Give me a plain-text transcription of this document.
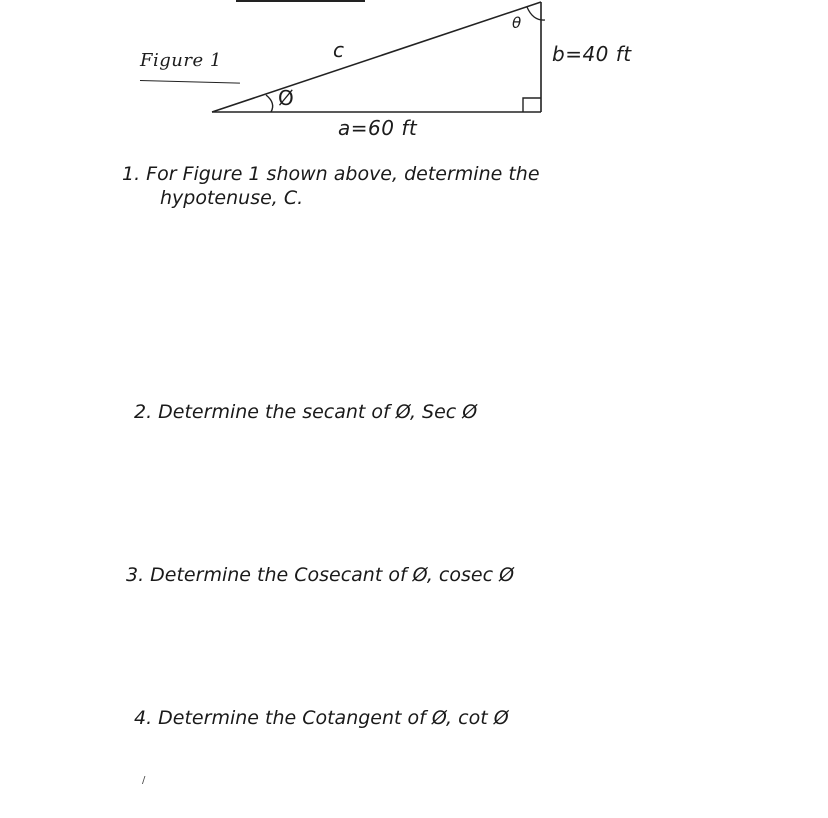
Figure 1	c	b=40 ft
a=60 ft
θ
Ø
1. For Figure 1 shown above, determine the
hypotenuse, C.
2. Determine the secant of Ø, Sec Ø
3. Determine the Cosecant of Ø, cosec Ø
4. Determine the Cotangent of Ø, cot Ø
/
